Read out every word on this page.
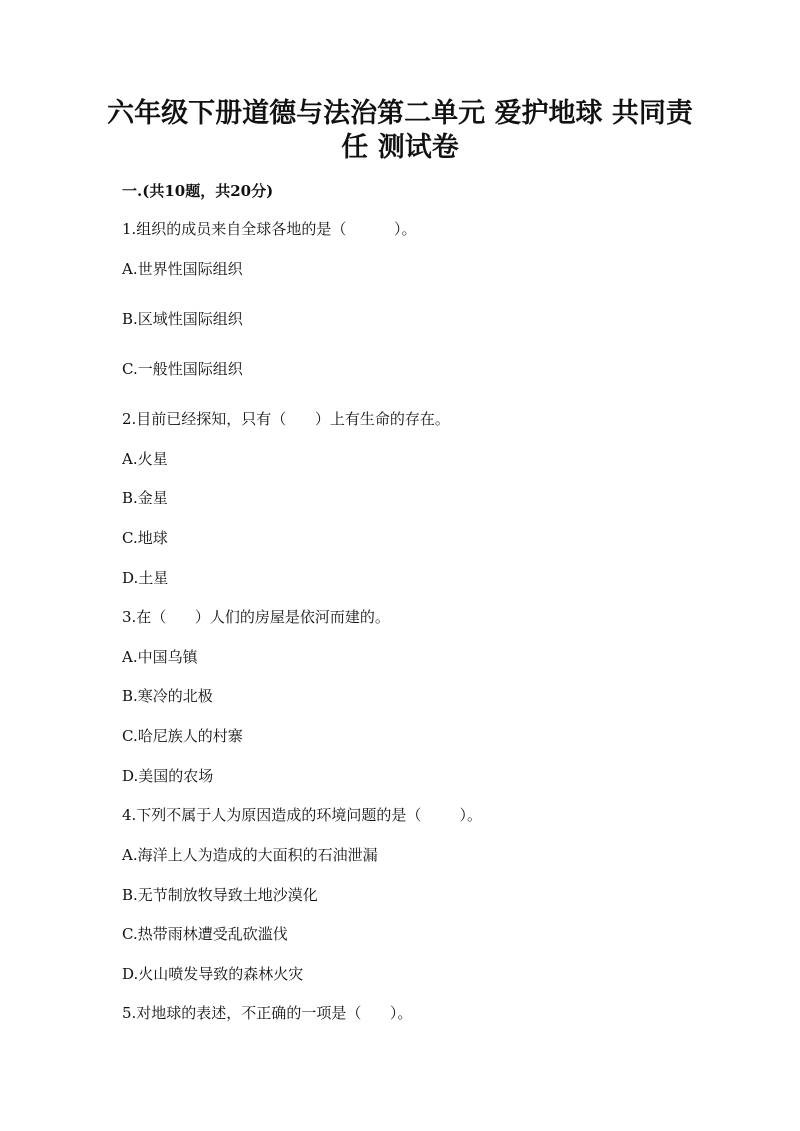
六年级下册道德与法治第二单元 爱护地球 共同责
任 测试卷
一.(共10题，共20分)
1.组织的成员来自全球各地的是（          ）。
A.世界性国际组织
B.区域性国际组织
C.一般性国际组织
2.目前已经探知，只有（      ）上有生命的存在。
A.火星
B.金星
C.地球
D.土星
3.在（      ）人们的房屋是依河而建的。
A.中国乌镇
B.寒冷的北极
C.哈尼族人的村寨
D.美国的农场
4.下列不属于人为原因造成的环境问题的是（        ）。
A.海洋上人为造成的大面积的石油泄漏
B.无节制放牧导致土地沙漠化
C.热带雨林遭受乱砍滥伐
D.火山喷发导致的森林火灾
5.对地球的表述，不正确的一项是（      ）。
